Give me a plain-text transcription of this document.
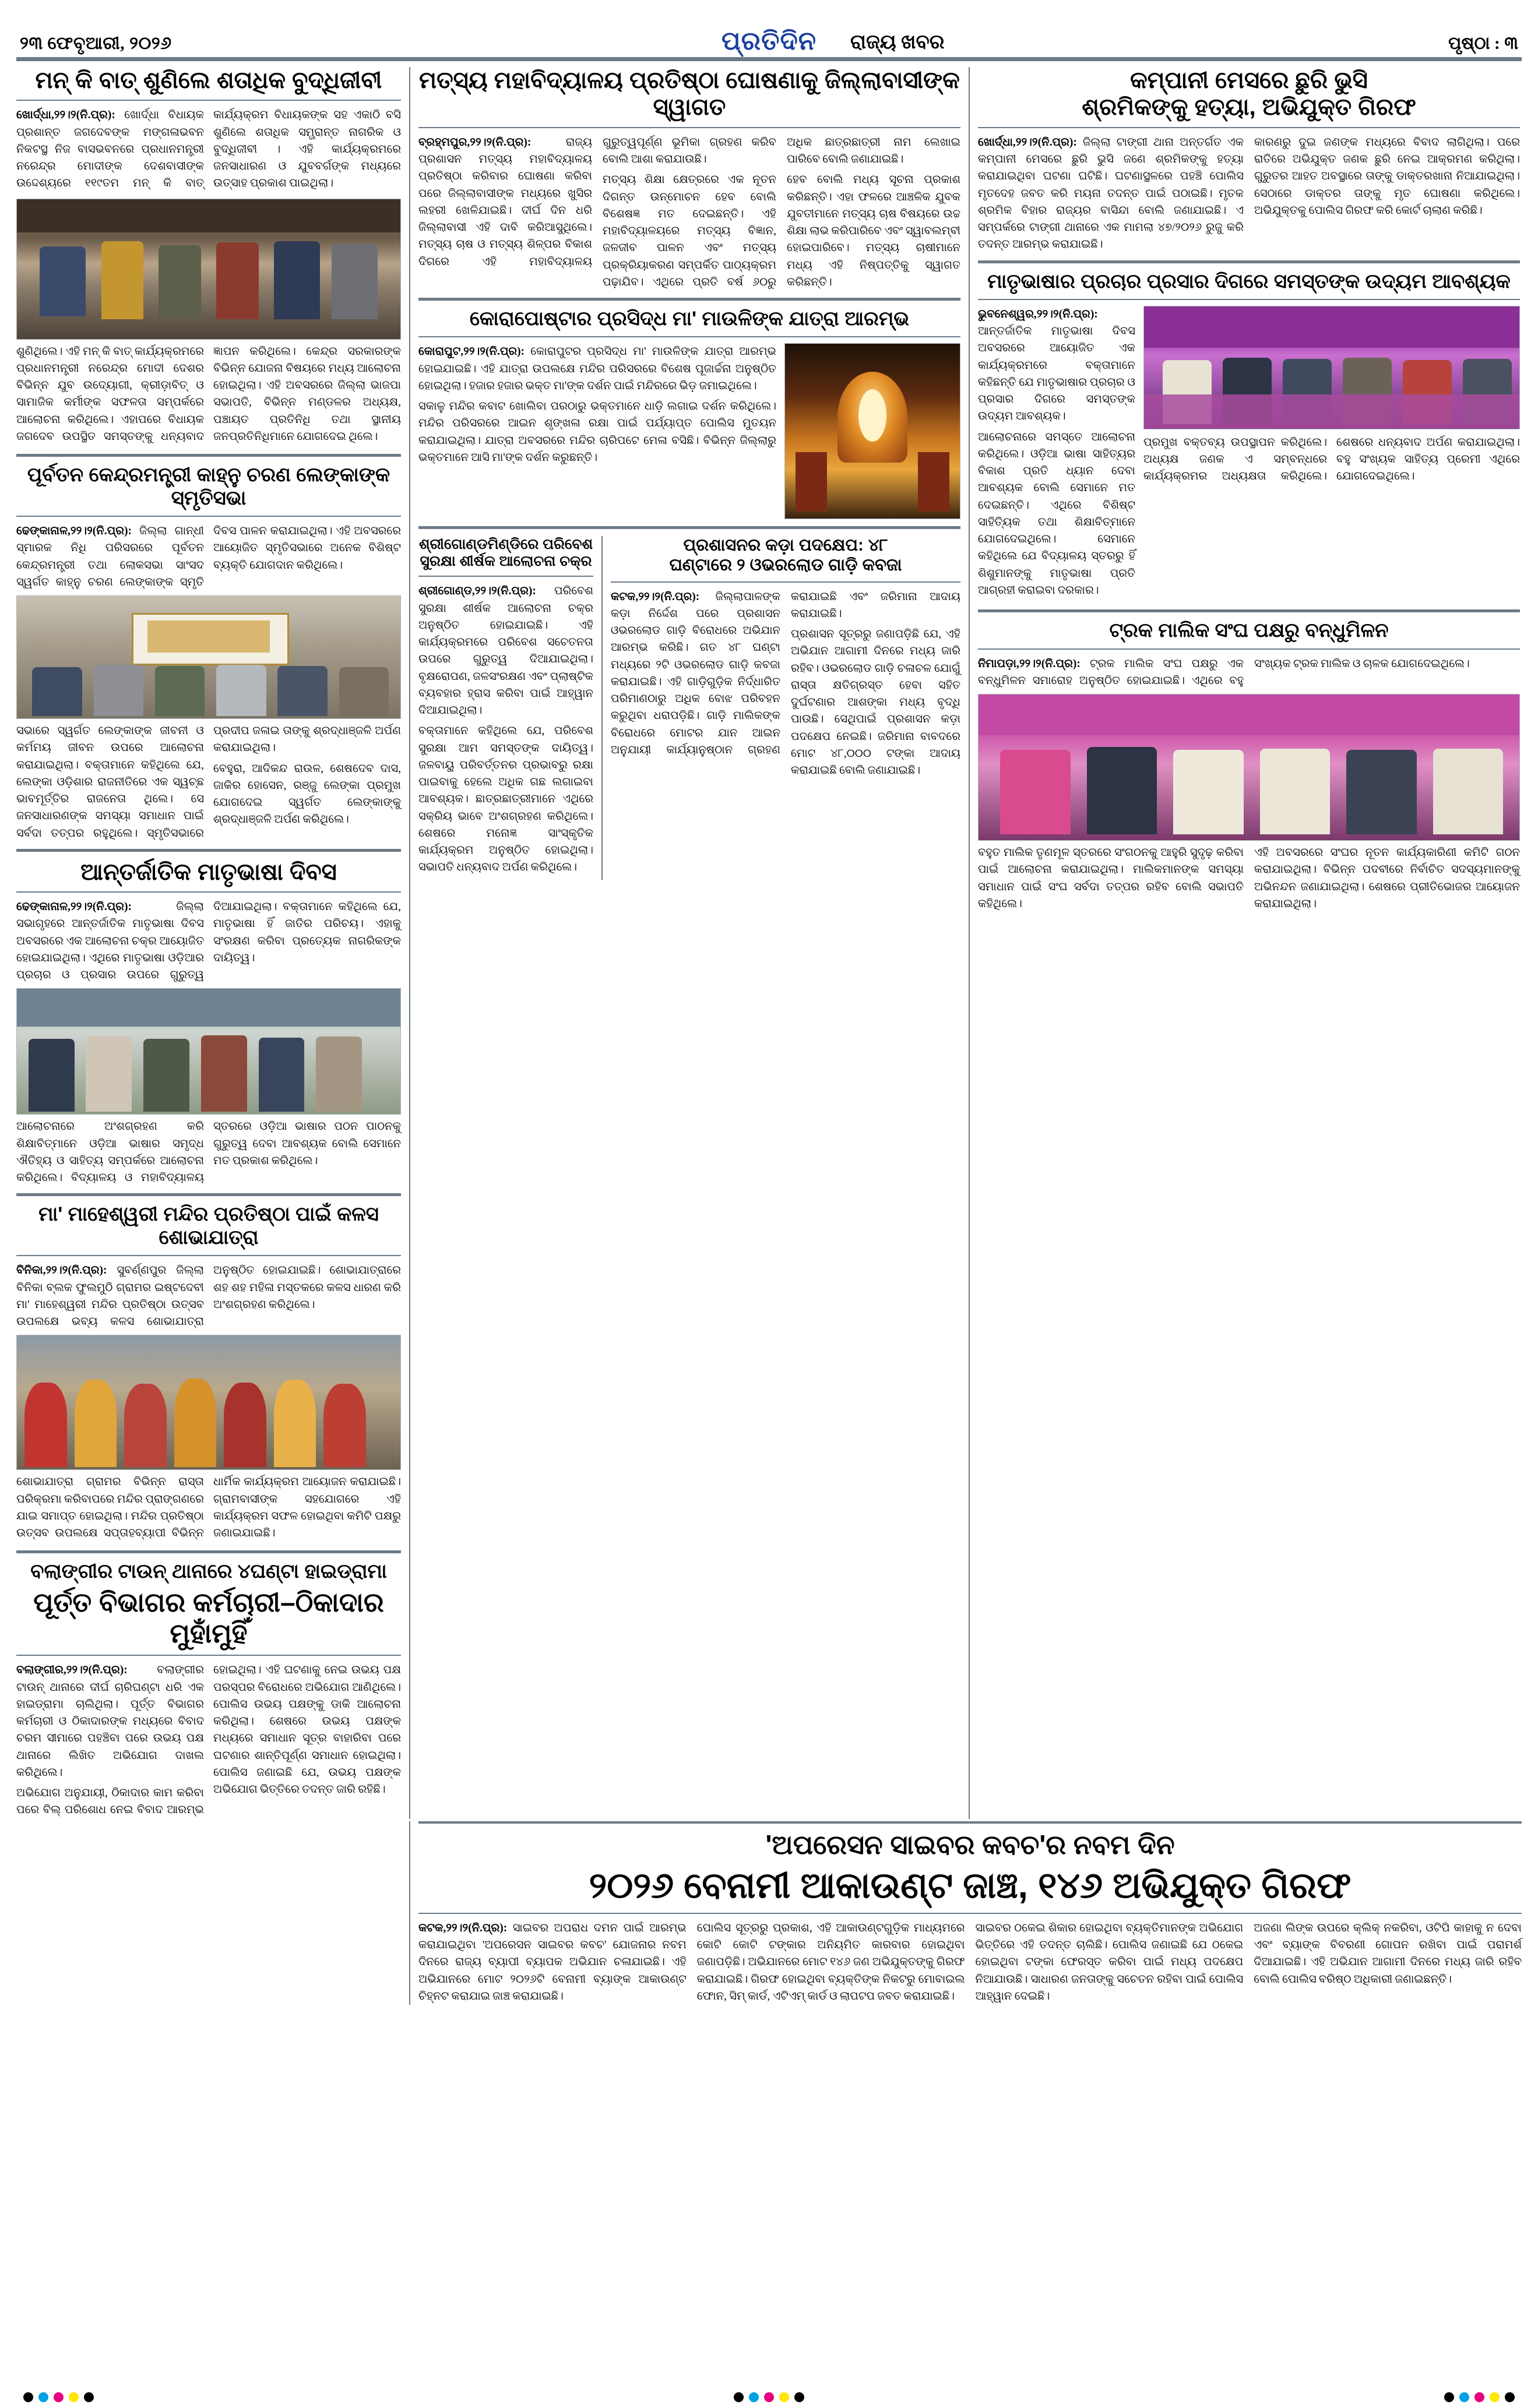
୨୩ ଫେବୃଆରୀ, ୨୦୨୬	ରାଜ୍ୟ ଖବର
ପ୍ରତିଦିନ	ପୃଷ୍ଠା : ୩
ମନ୍ କି ବାତ୍ ଶୁଣିଲେ ଶତାଧିକ ବୁଦ୍ଧିଜୀବୀ

ଖୋର୍ଦ୍ଧା,୨୨।୨(ନି.ପ୍ର): ଖୋର୍ଦ୍ଧା ବିଧାୟକ ପ୍ରଶାନ୍ତ ଜଗଦେବଙ୍କ ମଙ୍ଗଳାଭବନ ନିକଟସ୍ଥ ନିଜ ବାସଭବନରେ ପ୍ରଧାନମନ୍ତ୍ରୀ ନରେନ୍ଦ୍ର ମୋଦୀଙ୍କ ଦେଶବାସୀଙ୍କ ଉଦ୍ଦେଶ୍ୟରେ ୧୧୯ତମ ମନ୍ କି ବାତ୍ କାର୍ଯ୍ୟକ୍ରମ ବିଧାୟକଙ୍କ ସହ ଏକାଠି ବସି ଶୁଣିଲେ ଶତାଧିକ ସମ୍ଭ୍ରାନ୍ତ ନାଗରିକ ଓ ବୁଦ୍ଧିଜୀବୀ । ଏହି କାର୍ଯ୍ୟକ୍ରମରେ ଜନସାଧାରଣ ଓ ଯୁବବର୍ଗଙ୍କ ମଧ୍ୟରେ ଉତ୍ସାହ ପ୍ରକାଶ ପାଇଥିଲା।

ଶୁଣିଥିଲେ। ଏହି ମନ୍ କି ବାତ୍ କାର୍ଯ୍ୟକ୍ରମରେ ପ୍ରଧାନମନ୍ତ୍ରୀ ନରେନ୍ଦ୍ର ମୋଦୀ ଦେଶର ବିଭିନ୍ନ ଯୁବ ଉଦ୍ୟୋଗୀ, କ୍ରୀଡ଼ାବିତ୍ ଓ ସାମାଜିକ କର୍ମୀଙ୍କ ସଫଳତା ସମ୍ପର୍କରେ ଆଲୋଚନା କରିଥିଲେ। ଏହାପରେ ବିଧାୟକ ଜଗଦେବ ଉପସ୍ଥିତ ସମସ୍ତଙ୍କୁ ଧନ୍ୟବାଦ ଜ୍ଞାପନ କରିଥିଲେ। କେନ୍ଦ୍ର ସରକାରଙ୍କ ବିଭିନ୍ନ ଯୋଜନା ବିଷୟରେ ମଧ୍ୟ ଆଲୋଚନା ହୋଇଥିଲା। ଏହି ଅବସରରେ ଜିଲ୍ଲା ଭାଜପା ସଭାପତି, ବିଭିନ୍ନ ମଣ୍ଡଳର ଅଧ୍ୟକ୍ଷ, ପଞ୍ଚାୟତ ପ୍ରତିନିଧି ତଥା ସ୍ଥାନୀୟ ଜନପ୍ରତିନିଧିମାନେ ଯୋଗଦେଇ ଥିଲେ।

ପୂର୍ବତନ କେନ୍ଦ୍ରମନ୍ତ୍ରୀ କାହ୍ନୁ ଚରଣ ଲେଙ୍କାଙ୍କ ସ୍ମୃତିସଭା

ଢେଙ୍କାନାଳ,୨୨।୨(ନି.ପ୍ର): ଜିଲ୍ଲା ଗାନ୍ଧୀ ସ୍ମାରକ ନିଧି ପରିସରରେ ପୂର୍ବତନ କେନ୍ଦ୍ରମନ୍ତ୍ରୀ ତଥା ଲୋକସଭା ସାଂସଦ ସ୍ୱର୍ଗତ କାହ୍ନୁ ଚରଣ ଲେଙ୍କାଙ୍କ ସ୍ମୃତି ଦିବସ ପାଳନ କରାଯାଇଥିଲା। ଏହି ଅବସରରେ ଆୟୋଜିତ ସ୍ମୃତିସଭାରେ ଅନେକ ବିଶିଷ୍ଟ ବ୍ୟକ୍ତି ଯୋଗଦାନ କରିଥିଲେ।

ସଭାରେ ସ୍ୱର୍ଗତ ଲେଙ୍କାଙ୍କ ଜୀବନୀ ଓ କର୍ମମୟ ଜୀବନ ଉପରେ ଆଲୋଚନା କରାଯାଇଥିଲା। ବକ୍ତାମାନେ କହିଥିଲେ ଯେ, ଲେଙ୍କା ଓଡ଼ିଶାର ରାଜନୀତିରେ ଏକ ସ୍ୱଚ୍ଛ ଭାବମୂର୍ତ୍ତିର ରାଜନେତା ଥିଲେ। ସେ ଜନସାଧାରଣଙ୍କ ସମସ୍ୟା ସମାଧାନ ପାଇଁ ସର୍ବଦା ତତ୍ପର ରହୁଥିଲେ। ସ୍ମୃତିସଭାରେ ପ୍ରଦୀପ ଜଳାଇ ତାଙ୍କୁ ଶ୍ରଦ୍ଧାଞ୍ଜଳି ଅର୍ପଣ କରାଯାଇଥିଲା।

ବେହୁରା, ଆଦିକନ୍ଦ ରାଉଳ, ଶେଷଦେବ ଦାସ, ଜାକିର ହୋସେନ, ରଞ୍ଜୁ ଲେଙ୍କା ପ୍ରମୁଖ ଯୋଗଦେଇ ସ୍ୱର୍ଗତ ଲେଙ୍କାଙ୍କୁ ଶ୍ରଦ୍ଧାଞ୍ଜଳି ଅର୍ପଣ କରିଥିଲେ।

ଆନ୍ତର୍ଜାତିକ ମାତୃଭାଷା ଦିବସ

ଢେଙ୍କାନାଳ,୨୨।୨(ନି.ପ୍ର):	ଜିଲ୍ଲା ସଭାଗୃହରେ ଆନ୍ତର୍ଜାତିକ ମାତୃଭାଷା ଦିବସ ଅବସରରେ ଏକ ଆଲୋଚନା ଚକ୍ର ଆୟୋଜିତ ହୋଇଯାଇଥିଲା। ଏଥିରେ ମାତୃଭାଷା ଓଡ଼ିଆର ପ୍ରଚାର ଓ ପ୍ରସାର ଉପରେ ଗୁରୁତ୍ୱ ଦିଆଯାଇଥିଲା। ବକ୍ତାମାନେ କହିଥିଲେ ଯେ, ମାତୃଭାଷା ହିଁ ଜାତିର ପରିଚୟ। ଏହାକୁ ସଂରକ୍ଷଣ କରିବା ପ୍ରତ୍ୟେକ ନାଗରିକଙ୍କ ଦାୟିତ୍ୱ।

ଆଲୋଚନାରେ ଅଂଶଗ୍ରହଣ କରି ଶିକ୍ଷାବିତ୍‍ମାନେ ଓଡ଼ିଆ ଭାଷାର ସମୃଦ୍ଧ ଐତିହ୍ୟ ଓ ସାହିତ୍ୟ ସମ୍ପର୍କରେ ଆଲୋଚନା କରିଥିଲେ। ବିଦ୍ୟାଳୟ ଓ ମହାବିଦ୍ୟାଳୟ ସ୍ତରରେ ଓଡ଼ିଆ ଭାଷାର ପଠନ ପାଠନକୁ ଗୁରୁତ୍ୱ ଦେବା ଆବଶ୍ୟକ ବୋଲି ସେମାନେ ମତ ପ୍ରକାଶ କରିଥିଲେ।

ମା' ମାହେଶ୍ୱରୀ ମନ୍ଦିର ପ୍ରତିଷ୍ଠା ପାଇଁ କଳସ ଶୋଭାଯାତ୍ରା

ବିନିକା,୨୨।୨(ନି.ପ୍ର): ସୁବର୍ଣ୍ଣପୁର ଜିଲ୍ଲା ବିନିକା ବ୍ଲକ ଫୁଲମୁଠି ଗ୍ରାମର ଇଷ୍ଟଦେବୀ ମା' ମାହେଶ୍ୱରୀ ମନ୍ଦିର ପ୍ରତିଷ୍ଠା ଉତ୍ସବ ଉପଲକ୍ଷେ ଭବ୍ୟ କଳସ ଶୋଭାଯାତ୍ରା ଅନୁଷ୍ଠିତ ହୋଇଯାଇଛି। ଶୋଭାଯାତ୍ରାରେ ଶହ ଶହ ମହିଳା ମସ୍ତକରେ କଳସ ଧାରଣ କରି ଅଂଶଗ୍ରହଣ କରିଥିଲେ।

ଶୋଭାଯାତ୍ରା ଗ୍ରାମର ବିଭିନ୍ନ ରାସ୍ତା ପରିକ୍ରମା କରିବାପରେ ମନ୍ଦିର ପ୍ରାଙ୍ଗଣରେ ଯାଇ ସମାପ୍ତ ହୋଇଥିଲା। ମନ୍ଦିର ପ୍ରତିଷ୍ଠା ଉତ୍ସବ ଉପଲକ୍ଷେ ସପ୍ତାହବ୍ୟାପୀ ବିଭିନ୍ନ ଧାର୍ମିକ କାର୍ଯ୍ୟକ୍ରମ ଆୟୋଜନ କରାଯାଇଛି। ଗ୍ରାମବାସୀଙ୍କ ସହଯୋଗରେ ଏହି କାର୍ଯ୍ୟକ୍ରମ ସଫଳ ହୋଇଥିବା କମିଟି ପକ୍ଷରୁ ଜଣାଇଯାଇଛି।

ବଲାଙ୍ଗୀର ଟାଉନ୍ ଥାନାରେ ୪ଘଣ୍ଟା ହାଇଡ୍ରାମା
ପୂର୍ତ୍ତ ବିଭାଗର କର୍ମଚାରୀ–ଠିକାଦାର ମୁହାଁମୁହିଁ

ବଲାଙ୍ଗୀର,୨୨।୨(ନି.ପ୍ର):	ବଲାଙ୍ଗୀର ଟାଉନ୍ ଥାନାରେ ଦୀର୍ଘ ଚାରିଘଣ୍ଟା ଧରି ଏକ ହାଇଡ୍ରାମା ଚାଲିଥିଲା। ପୂର୍ତ୍ତ ବିଭାଗର କର୍ମଚାରୀ ଓ ଠିକାଦାରଙ୍କ ମଧ୍ୟରେ ବିବାଦ ଚରମ ସୀମାରେ ପହଞ୍ଚିବା ପରେ ଉଭୟ ପକ୍ଷ ଥାନାରେ ଲିଖିତ ଅଭିଯୋଗ ଦାଖଲ କରିଥିଲେ।

ଅଭିଯୋଗ ଅନୁଯାୟୀ, ଠିକାଦାର କାମ କରିବା ପରେ ବିଲ୍ ପରିଶୋଧ ନେଇ ବିବାଦ ଆରମ୍ଭ ହୋଇଥିଲା। ଏହି ଘଟଣାକୁ ନେଇ ଉଭୟ ପକ୍ଷ ପରସ୍ପର ବିରୋଧରେ ଅଭିଯୋଗ ଆଣିଥିଲେ। ପୋଲିସ ଉଭୟ ପକ୍ଷଙ୍କୁ ଡାକି ଆଲୋଚନା କରିଥିଲା। ଶେଷରେ ଉଭୟ ପକ୍ଷଙ୍କ ମଧ୍ୟରେ ସମାଧାନ ସୂତ୍ର ବାହାରିବା ପରେ ଘଟଣାର ଶାନ୍ତିପୂର୍ଣ୍ଣ ସମାଧାନ ହୋଇଥିଲା। ପୋଲିସ ଜଣାଇଛି ଯେ, ଉଭୟ ପକ୍ଷଙ୍କ ଅଭିଯୋଗ ଭିତ୍ତିରେ ତଦନ୍ତ ଜାରି ରହିଛି।

ମତ୍ସ୍ୟ ମହାବିଦ୍ୟାଳୟ ପ୍ରତିଷ୍ଠା ଘୋଷଣାକୁ ଜିଲ୍ଲାବାସୀଙ୍କ ସ୍ୱାଗତ

ବ୍ରହ୍ମପୁର,୨୨।୨(ନି.ପ୍ର):	ରାଜ୍ୟ ପ୍ରଶାସନ ମତ୍ସ୍ୟ ମହାବିଦ୍ୟାଳୟ ପ୍ରତିଷ୍ଠା କରିବାର ଘୋଷଣା କରିବା ପରେ ଜିଲ୍ଲାବାସୀଙ୍କ ମଧ୍ୟରେ ଖୁସିର ଲହରୀ ଖେଳିଯାଇଛି। ଦୀର୍ଘ ଦିନ ଧରି ଜିଲ୍ଲାବାସୀ ଏହି ଦାବି କରିଆସୁଥିଲେ। ମତ୍ସ୍ୟ ଚାଷ ଓ ମତ୍ସ୍ୟ ଶିଳ୍ପର ବିକାଶ ଦିଗରେ ଏହି ମହାବିଦ୍ୟାଳୟ ଗୁରୁତ୍ୱପୂର୍ଣ୍ଣ ଭୂମିକା ଗ୍ରହଣ କରିବ ବୋଲି ଆଶା କରାଯାଉଛି।

ମତ୍ସ୍ୟ ଶିକ୍ଷା କ୍ଷେତ୍ରରେ ଏକ ନୂତନ ଦିଗନ୍ତ ଉନ୍ମୋଚନ ହେବ ବୋଲି ବିଶେଷଜ୍ଞ ମତ ଦେଇଛନ୍ତି। ଏହି ମହାବିଦ୍ୟାଳୟରେ ମତ୍ସ୍ୟ ବିଜ୍ଞାନ, ଜଳଜୀବ ପାଳନ ଏବଂ ମତ୍ସ୍ୟ ପ୍ରକ୍ରିୟାକରଣ ସମ୍ପର୍କିତ ପାଠ୍ୟକ୍ରମ ପଢ଼ାଯିବ। ଏଥିରେ ପ୍ରତି ବର୍ଷ ୬୦ରୁ ଅଧିକ ଛାତ୍ରଛାତ୍ରୀ ନାମ ଲେଖାଇ ପାରିବେ ବୋଲି ଜଣାଯାଇଛି।

ହେବ ବୋଲି ମଧ୍ୟ ସୂଚନା ପ୍ରକାଶ କରିଛନ୍ତି। ଏହା ଫଳରେ ଆଞ୍ଚଳିକ ଯୁବକ ଯୁବତୀମାନେ ମତ୍ସ୍ୟ ଚାଷ ବିଷୟରେ ଉଚ୍ଚ ଶିକ୍ଷା ଲାଭ କରିପାରିବେ ଏବଂ ସ୍ୱାବଲମ୍ବୀ ହୋଇପାରିବେ। ମତ୍ସ୍ୟ ଚାଷୀମାନେ ମଧ୍ୟ ଏହି ନିଷ୍ପତ୍ତିକୁ ସ୍ୱାଗତ କରିଛନ୍ତି।

କୋରାପୋଷ୍ଟାର ପ୍ରସିଦ୍ଧ ମା' ମାଉଳିଙ୍କ ଯାତ୍ରା ଆରମ୍ଭ

କୋରାପୁଟ,୨୨।୨(ନି.ପ୍ର): କୋରାପୁଟର ପ୍ରସିଦ୍ଧ ମା' ମାଉଳିଙ୍କ ଯାତ୍ରା ଆରମ୍ଭ ହୋଇଯାଇଛି। ଏହି ଯାତ୍ରା ଉପଲକ୍ଷେ ମନ୍ଦିର ପରିସରରେ ବିଶେଷ ପୂଜାର୍ଚ୍ଚନା ଅନୁଷ୍ଠିତ ହୋଇଥିଲା। ହଜାର ହଜାର ଭକ୍ତ ମା'ଙ୍କ ଦର୍ଶନ ପାଇଁ ମନ୍ଦିରରେ ଭିଡ଼ ଜମାଇଥିଲେ।

ସକାଳୁ ମନ୍ଦିର କବାଟ ଖୋଲିବା ପରଠାରୁ ଭକ୍ତମାନେ ଧାଡ଼ି ଲଗାଇ ଦର୍ଶନ କରିଥିଲେ। ମନ୍ଦିର ପରିସରରେ ଆଇନ ଶୃଙ୍ଖଳା ରକ୍ଷା ପାଇଁ ପର୍ଯ୍ୟାପ୍ତ ପୋଲିସ ମୁତୟନ କରାଯାଇଥିଲା। ଯାତ୍ରା ଅବସରରେ ମନ୍ଦିର ଚାରିପଟେ ମେଳା ବସିଛି। ବିଭିନ୍ନ ଜିଲ୍ଲାରୁ ଭକ୍ତମାନେ ଆସି ମା'ଙ୍କ ଦର୍ଶନ କରୁଛନ୍ତି।

ଶ୍ରୀଗୋଣ୍ଡମିଣ୍ଡିରେ ପରିବେଶ
ସୁରକ୍ଷା ଶୀର୍ଷକ ଆଲୋଚନା ଚକ୍ର

ଶ୍ରୀଗୋଣ୍ଡ,୨୨।୨(ନି.ପ୍ର): ପରିବେଶ ସୁରକ୍ଷା ଶୀର୍ଷକ ଆଲୋଚନା ଚକ୍ର ଅନୁଷ୍ଠିତ ହୋଇଯାଇଛି। ଏହି କାର୍ଯ୍ୟକ୍ରମରେ ପରିବେଶ ସଚେତନତା ଉପରେ ଗୁରୁତ୍ୱ ଦିଆଯାଇଥିଲା। ବୃକ୍ଷରୋପଣ, ଜଳସଂରକ୍ଷଣ ଏବଂ ପ୍ଲାଷ୍ଟିକ ବ୍ୟବହାର ହ୍ରାସ କରିବା ପାଇଁ ଆହ୍ୱାନ ଦିଆଯାଇଥିଲା।

ବକ୍ତାମାନେ କହିଥିଲେ ଯେ, ପରିବେଶ ସୁରକ୍ଷା ଆମ ସମସ୍ତଙ୍କ ଦାୟିତ୍ୱ। ଜଳବାୟୁ ପରିବର୍ତ୍ତନର ପ୍ରଭାବରୁ ରକ୍ଷା ପାଇବାକୁ ହେଲେ ଅଧିକ ଗଛ ଲଗାଇବା ଆବଶ୍ୟକ। ଛାତ୍ରଛାତ୍ରୀମାନେ ଏଥିରେ ସକ୍ରିୟ ଭାବେ ଅଂଶଗ୍ରହଣ କରିଥିଲେ। ଶେଷରେ ମନୋଜ୍ଞ ସାଂସ୍କୃତିକ କାର୍ଯ୍ୟକ୍ରମ ଅନୁଷ୍ଠିତ ହୋଇଥିଲା। ସଭାପତି ଧନ୍ୟବାଦ ଅର୍ପଣ କରିଥିଲେ।

ପ୍ରଶାସନର କଡ଼ା ପଦକ୍ଷେପ: ୪୮
ଘଣ୍ଟାରେ ୨ ଓଭରଲୋଡ ଗାଡ଼ି କବଜା

କଟକ,୨୨।୨(ନି.ପ୍ର): ଜିଲ୍ଲାପାଳଙ୍କ କଡ଼ା ନିର୍ଦ୍ଦେଶ ପରେ ପ୍ରଶାସନ ଓଭରଲୋଡ ଗାଡ଼ି ବିରୋଧରେ ଅଭିଯାନ ଆରମ୍ଭ କରିଛି। ଗତ ୪୮ ଘଣ୍ଟା ମଧ୍ୟରେ ୨ଟି ଓଭରଲୋଡ ଗାଡ଼ି କବଜା କରାଯାଇଛି। ଏହି ଗାଡ଼ିଗୁଡ଼ିକ ନିର୍ଦ୍ଧାରିତ ପରିମାଣଠାରୁ ଅଧିକ ବୋଝ ପରିବହନ କରୁଥିବା ଧରାପଡ଼ିଛି। ଗାଡ଼ି ମାଲିକଙ୍କ ବିରୋଧରେ ମୋଟର ଯାନ ଆଇନ ଅନୁଯାୟୀ କାର୍ଯ୍ୟାନୁଷ୍ଠାନ ଗ୍ରହଣ କରାଯାଇଛି ଏବଂ ଜରିମାନା ଆଦାୟ କରାଯାଇଛି।

ପ୍ରଶାସନ ସୂତ୍ରରୁ ଜଣାପଡ଼ିଛି ଯେ, ଏହି ଅଭିଯାନ ଆଗାମୀ ଦିନରେ ମଧ୍ୟ ଜାରି ରହିବ। ଓଭରଲୋଡ ଗାଡ଼ି ଚଳାଚଳ ଯୋଗୁଁ ରାସ୍ତା କ୍ଷତିଗ୍ରସ୍ତ ହେବା ସହିତ ଦୁର୍ଘଟଣାର ଆଶଙ୍କା ମଧ୍ୟ ବୃଦ୍ଧି ପାଉଛି। ସେଥିପାଇଁ ପ୍ରଶାସନ କଡ଼ା ପଦକ୍ଷେପ ନେଇଛି। ଜରିମାନା ବାବଦରେ ମୋଟ ୪୮,୦୦୦ ଟଙ୍କା ଆଦାୟ କରାଯାଇଛି ବୋଲି ଜଣାଯାଇଛି।

କମ୍ପାନୀ ମେସରେ ଛୁରି ଭୁସି
ଶ୍ରମିକଙ୍କୁ ହତ୍ୟା, ଅଭିଯୁକ୍ତ ଗିରଫ

ଖୋର୍ଦ୍ଧା,୨୨।୨(ନି.ପ୍ର): ଜିଲ୍ଲା ଟାଙ୍ଗୀ ଥାନା ଅନ୍ତର୍ଗତ ଏକ କମ୍ପାନୀ ମେସରେ ଛୁରି ଭୁସି ଜଣେ ଶ୍ରମିକଙ୍କୁ ହତ୍ୟା କରାଯାଇଥିବା ଘଟଣା ଘଟିଛି। ଘଟଣାସ୍ଥଳରେ ପହଞ୍ଚି ପୋଲିସ ମୃତଦେହ ଜବତ କରି ମୟନା ତଦନ୍ତ ପାଇଁ ପଠାଇଛି। ମୃତକ ଶ୍ରମିକ ବିହାର ରାଜ୍ୟର ବାସିନ୍ଦା ବୋଲି ଜଣାଯାଇଛି। ଏ ସମ୍ପର୍କରେ ଟାଙ୍ଗୀ ଥାନାରେ ଏକ ମାମଲା ୪୭/୨୦୨୬ ରୁଜୁ କରି ତଦନ୍ତ ଆରମ୍ଭ କରାଯାଇଛି।

କାରଣରୁ ଦୁଇ ଜଣଙ୍କ ମଧ୍ୟରେ ବିବାଦ ଲାଗିଥିଲା। ପରେ ରାତିରେ ଅଭିଯୁକ୍ତ ଜଣକ ଛୁରି ନେଇ ଆକ୍ରମଣ କରିଥିଲା। ଗୁରୁତର ଆହତ ଅବସ୍ଥାରେ ତାଙ୍କୁ ଡାକ୍ତରଖାନା ନିଆଯାଇଥିଲା। ସେଠାରେ ଡାକ୍ତର ତାଙ୍କୁ ମୃତ ଘୋଷଣା କରିଥିଲେ। ଅଭିଯୁକ୍ତକୁ ପୋଲିସ ଗିରଫ କରି କୋର୍ଟ ଚାଲାଣ କରିଛି।

ମାତୃଭାଷାର ପ୍ରଚାର ପ୍ରସାର ଦିଗରେ ସମସ୍ତଙ୍କ ଉଦ୍ୟମ ଆବଶ୍ୟକ

ଭୁବନେଶ୍ୱର,୨୨।୨(ନି.ପ୍ର): ଆନ୍ତର୍ଜାତିକ ମାତୃଭାଷା ଦିବସ ଅବସରରେ ଆୟୋଜିତ ଏକ କାର୍ଯ୍ୟକ୍ରମରେ ବକ୍ତାମାନେ କହିଛନ୍ତି ଯେ ମାତୃଭାଷାର ପ୍ରଚାର ଓ ପ୍ରସାର ଦିଗରେ ସମସ୍ତଙ୍କ ଉଦ୍ୟମ ଆବଶ୍ୟକ।

ଆଲୋଚନାରେ ସମସ୍ତେ ଆଲୋଚନା କରିଥିଲେ। ଓଡ଼ିଆ ଭାଷା ସାହିତ୍ୟର ବିକାଶ ପ୍ରତି ଧ୍ୟାନ ଦେବା ଆବଶ୍ୟକ ବୋଲି ସେମାନେ ମତ ଦେଇଛନ୍ତି। ଏଥିରେ ବିଶିଷ୍ଟ ସାହିତ୍ୟିକ ତଥା ଶିକ୍ଷାବିତ୍‍ମାନେ ଯୋଗଦେଇଥିଲେ। ସେମାନେ କହିଥିଲେ ଯେ ବିଦ୍ୟାଳୟ ସ୍ତରରୁ ହିଁ ଶିଶୁମାନଙ୍କୁ ମାତୃଭାଷା ପ୍ରତି ଆଗ୍ରହୀ କରାଇବା ଦରକାର।

ପ୍ରମୁଖ ବକ୍ତବ୍ୟ ଉପସ୍ଥାପନ କରିଥିଲେ। ଅଧ୍ୟକ୍ଷ ଜଣକ ଏ ସମ୍ବନ୍ଧରେ କାର୍ଯ୍ୟକ୍ରମର ଅଧ୍ୟକ୍ଷତା କରିଥିଲେ। ଶେଷରେ ଧନ୍ୟବାଦ ଅର୍ପଣ କରାଯାଇଥିଲା। ବହୁ ସଂଖ୍ୟକ ସାହିତ୍ୟ ପ୍ରେମୀ ଏଥିରେ ଯୋଗଦେଇଥିଲେ।

ଟ୍ରକ ମାଲିକ ସଂଘ ପକ୍ଷରୁ ବନ୍ଧୁମିଳନ

ନିମାପଡ଼ା,୨୨।୨(ନି.ପ୍ର): ଟ୍ରକ ମାଲିକ ସଂଘ ପକ୍ଷରୁ ଏକ ବନ୍ଧୁମିଳନ ସମାରୋହ ଅନୁଷ୍ଠିତ ହୋଇଯାଇଛି। ଏଥିରେ ବହୁ ସଂଖ୍ୟକ ଟ୍ରକ ମାଲିକ ଓ ଚାଳକ ଯୋଗଦେଇଥିଲେ।

ବହୁତ ମାଲିକ ତୃଣମୂଳ ସ୍ତରରେ ସଂଗଠନକୁ ଆହୁରି ସୁଦୃଢ଼ କରିବା ପାଇଁ ଆଲୋଚନା କରାଯାଇଥିଲା। ମାଲିକମାନଙ୍କ ସମସ୍ୟା ସମାଧାନ ପାଇଁ ସଂଘ ସର୍ବଦା ତତ୍ପର ରହିବ ବୋଲି ସଭାପତି କହିଥିଲେ।

ଏହି ଅବସରରେ ସଂଘର ନୂତନ କାର୍ଯ୍ୟକାରିଣୀ କମିଟି ଗଠନ କରାଯାଇଥିଲା। ବିଭିନ୍ନ ପଦବୀରେ ନିର୍ବାଚିତ ସଦସ୍ୟମାନଙ୍କୁ ଅଭିନନ୍ଦନ ଜଣାଯାଇଥିଲା। ଶେଷରେ ପ୍ରୀତିଭୋଜର ଆୟୋଜନ କରାଯାଇଥିଲା।

'ଅପରେସନ ସାଇବର କବଚ'ର ନବମ ଦିନ
୨୦୨୬ ବେନାମୀ ଆକାଉଣ୍ଟ ଜାଞ୍ଚ, ୧୪୬ ଅଭିଯୁକ୍ତ ଗିରଫ

କଟକ,୨୨।୨(ନି.ପ୍ର): ସାଇବର ଅପରାଧ ଦମନ ପାଇଁ ଆରମ୍ଭ କରାଯାଇଥିବା 'ଅପରେସନ ସାଇବର କବଚ' ଯୋଜନାର ନବମ ଦିନରେ ରାଜ୍ୟ ବ୍ୟାପୀ ବ୍ୟାପକ ଅଭିଯାନ ଚଳାଯାଇଛି। ଏହି ଅଭିଯାନରେ ମୋଟ ୨୦୨୬ଟି ବେନାମୀ ବ୍ୟାଙ୍କ ଆକାଉଣ୍ଟ ଚିହ୍ନଟ କରାଯାଇ ଜାଞ୍ଚ କରାଯାଇଛି।

ପୋଲିସ ସୂତ୍ରରୁ ପ୍ରକାଶ, ଏହି ଆକାଉଣ୍ଟଗୁଡ଼ିକ ମାଧ୍ୟମରେ କୋଟି କୋଟି ଟଙ୍କାର ଅନିୟମିତ କାରବାର ହୋଇଥିବା ଜଣାପଡ଼ିଛି। ଅଭିଯାନରେ ମୋଟ ୧୪୬ ଜଣ ଅଭିଯୁକ୍ତଙ୍କୁ ଗିରଫ କରାଯାଇଛି। ଗିରଫ ହୋଇଥିବା ବ୍ୟକ୍ତିଙ୍କ ନିକଟରୁ ମୋବାଇଲ ଫୋନ, ସିମ୍ କାର୍ଡ, ଏଟିଏମ୍ କାର୍ଡ ଓ ଲାପଟପ ଜବତ କରାଯାଇଛି।

ସାଇବର ଠକେଇ ଶିକାର ହୋଇଥିବା ବ୍ୟକ୍ତିମାନଙ୍କ ଅଭିଯୋଗ ଭିତ୍ତିରେ ଏହି ତଦନ୍ତ ଚାଲିଛି। ପୋଲିସ ଜଣାଇଛି ଯେ ଠକେଇ ହୋଇଥିବା ଟଙ୍କା ଫେରସ୍ତ କରିବା ପାଇଁ ମଧ୍ୟ ପଦକ୍ଷେପ ନିଆଯାଉଛି। ସାଧାରଣ ଜନତାଙ୍କୁ ସଚେତନ ରହିବା ପାଇଁ ପୋଲିସ ଆହ୍ୱାନ ଦେଇଛି।

ଅଜଣା ଲିଙ୍କ ଉପରେ କ୍ଲିକ୍ ନକରିବା, ଓଟିପି କାହାକୁ ନ ଦେବା ଏବଂ ବ୍ୟାଙ୍କ ବିବରଣୀ ଗୋପନ ରଖିବା ପାଇଁ ପରାମର୍ଶ ଦିଆଯାଇଛି। ଏହି ଅଭିଯାନ ଆଗାମୀ ଦିନରେ ମଧ୍ୟ ଜାରି ରହିବ ବୋଲି ପୋଲିସ ବରିଷ୍ଠ ଅଧିକାରୀ ଜଣାଇଛନ୍ତି।
